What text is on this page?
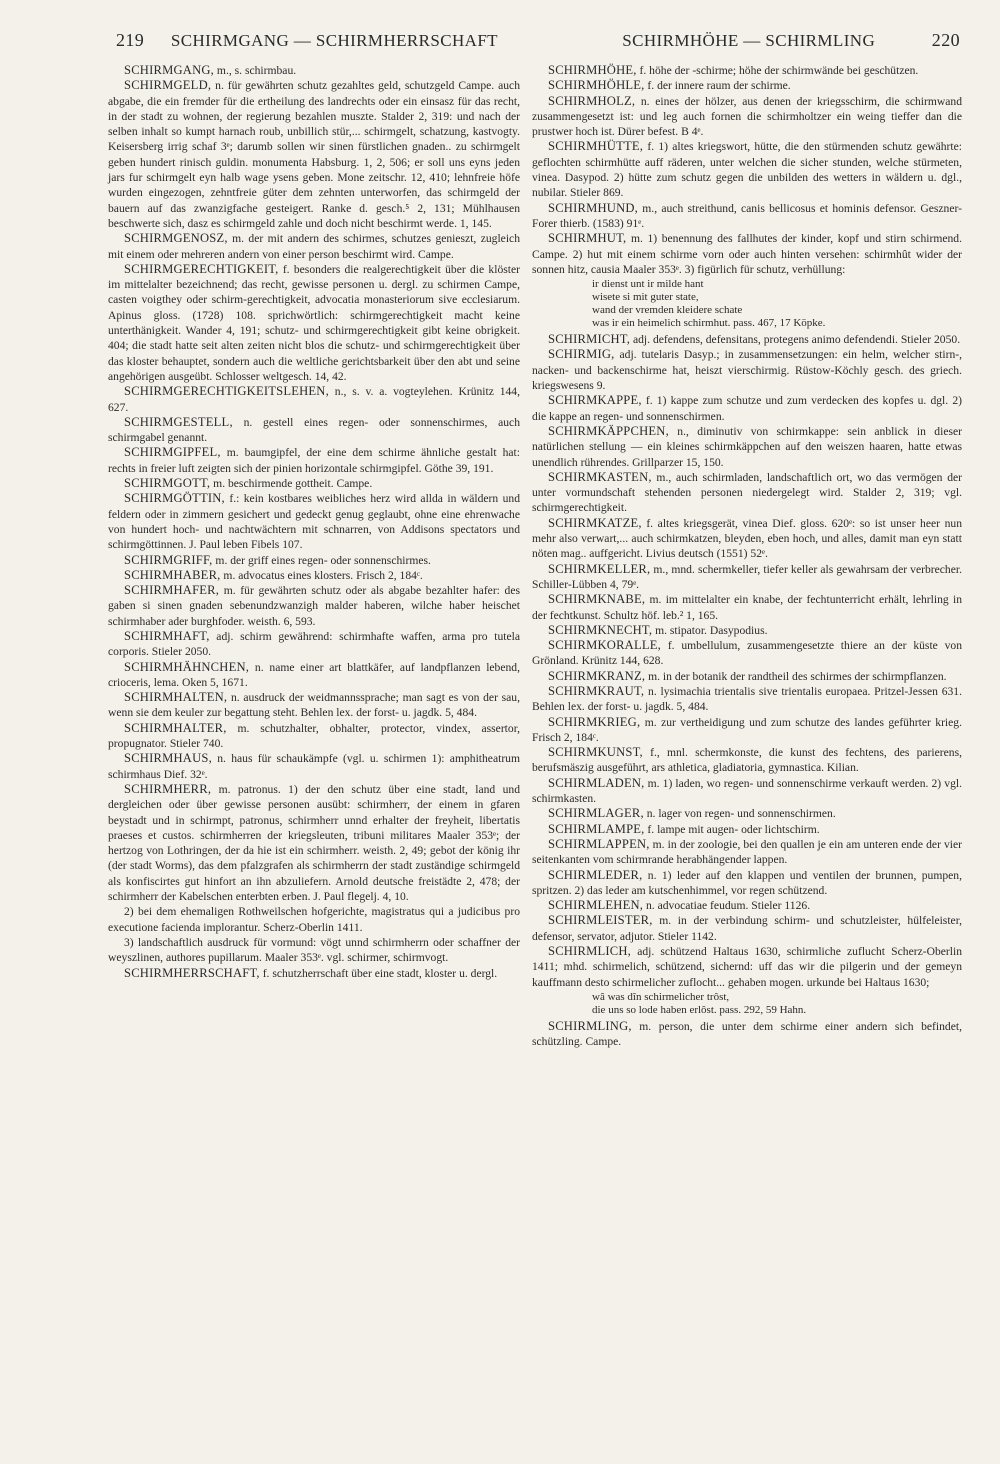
219 SCHIRMGANG — SCHIRMHERRSCHAFT	SCHIRMHÖHE — SCHIRMLING	220

SCHIRMGANG, m., s. schirmbau.

SCHIRMGELD, n. für gewährten schutz gezahltes geld, schutzgeld Campe. auch abgabe, die ein fremder für die ertheilung des landrechts oder ein einsasz für das recht, in der stadt zu wohnen, der regierung bezahlen muszte. Stalder 2, 319: und nach der selben inhalt so kumpt harnach roub, unbillich stür,... schirmgelt, schatzung, kastvogty. Keisersberg irrig schaf 3ᵉ; darumb sollen wir sinen fürstlichen gnaden.. zu schirmgelt geben hundert rinisch guldin. monumenta Habsburg. 1, 2, 506; er soll uns eyns jeden jars fur schirmgelt eyn halb wage ysens geben. Mone zeitschr. 12, 410; lehnfreie höfe wurden eingezogen, zehntfreie güter dem zehnten unterworfen, das schirmgeld der bauern auf das zwanzigfache gesteigert. Ranke d. gesch.⁵ 2, 131; Mühlhausen beschwerte sich, dasz es schirmgeld zahle und doch nicht beschirmt werde. 1, 145.

SCHIRMGENOSZ, m. der mit andern des schirmes, schutzes genieszt, zugleich mit einem oder mehreren andern von einer person beschirmt wird. Campe.

SCHIRMGERECHTIGKEIT, f. besonders die realgerechtigkeit über die klöster im mittelalter bezeichnend; das recht, gewisse personen u. dergl. zu schirmen Campe, casten voigthey oder schirm-gerechtigkeit, advocatia monasteriorum sive ecclesiarum. Apinus gloss. (1728) 108. sprichwörtlich: schirmgerechtigkeit macht keine unterthänigkeit. Wander 4, 191; schutz- und schirmgerechtigkeit gibt keine obrigkeit. 404; die stadt hatte seit alten zeiten nicht blos die schutz- und schirmgerechtigkeit über das kloster behauptet, sondern auch die weltliche gerichtsbarkeit über den abt und seine angehörigen ausgeübt. Schlosser weltgesch. 14, 42.

SCHIRMGERECHTIGKEITSLEHEN, n., s. v. a. vogteylehen. Krünitz 144, 627.

SCHIRMGESTELL, n. gestell eines regen- oder sonnenschirmes, auch schirmgabel genannt.

SCHIRMGIPFEL, m. baumgipfel, der eine dem schirme ähnliche gestalt hat: rechts in freier luft zeigten sich der pinien horizontale schirmgipfel. Göthe 39, 191.

SCHIRMGOTT, m. beschirmende gottheit. Campe.

SCHIRMGÖTTIN, f.: kein kostbares weibliches herz wird allda in wäldern und feldern oder in zimmern gesichert und gedeckt genug geglaubt, ohne eine ehrenwache von hundert hoch- und nachtwächtern mit schnarren, von Addisons spectators und schirmgöttinnen. J. Paul leben Fibels 107.

SCHIRMGRIFF, m. der griff eines regen- oder sonnenschirmes.

SCHIRMHABER, m. advocatus eines klosters. Frisch 2, 184ᶜ.

SCHIRMHAFER, m. für gewährten schutz oder als abgabe bezahlter hafer: des gaben si sinen gnaden sebenundzwanzigh malder haberen, wilche haber heischet schirmhaber ader burghfoder. weisth. 6, 593.

SCHIRMHAFT, adj. schirm gewährend: schirmhafte waffen, arma pro tutela corporis. Stieler 2050.

SCHIRMHÄHNCHEN, n. name einer art blattkäfer, auf landpflanzen lebend, crioceris, lema. Oken 5, 1671.

SCHIRMHALTEN, n. ausdruck der weidmannssprache; man sagt es von der sau, wenn sie dem keuler zur begattung steht. Behlen lex. der forst- u. jagdk. 5, 484.

SCHIRMHALTER, m. schutzhalter, obhalter, protector, vindex, assertor, propugnator. Stieler 740.

SCHIRMHAUS, n. haus für schaukämpfe (vgl. u. schirmen 1): amphitheatrum schirmhaus Dief. 32ᵉ.

SCHIRMHERR, m. patronus. 1) der den schutz über eine stadt, land und dergleichen oder über gewisse personen ausübt: schirmherr, der einem in gfaren beystadt und in schirmpt, patronus, schirmherr unnd erhalter der freyheit, libertatis praeses et custos. schirmherren der kriegsleuten, tribuni militares Maaler 353ᵉ; der hertzog von Lothringen, der da hie ist ein schirmherr. weisth. 2, 49; gebot der könig ihr (der stadt Worms), das dem pfalzgrafen als schirmherrn der stadt zuständige schirmgeld als konfiscirtes gut hinfort an ihn abzuliefern. Arnold deutsche freistädte 2, 478; der schirmherr der Kabelschen enterbten erben. J. Paul flegelj. 4, 10.

2) bei dem ehemaligen Rothweilschen hofgerichte, magistratus qui a judicibus pro executione facienda implorantur. Scherz-Oberlin 1411.

3) landschaftlich ausdruck für vormund: vögt unnd schirmherrn oder schaffner der weyszlinen, authores pupillarum. Maaler 353ᵉ. vgl. schirmer, schirmvogt.

SCHIRMHERRSCHAFT, f. schutzherrschaft über eine stadt, kloster u. dergl.

SCHIRMHÖHE, f. höhe der -schirme; höhe der schirmwände bei geschützen.

SCHIRMHÖHLE, f. der innere raum der schirme.

SCHIRMHOLZ, n. eines der hölzer, aus denen der kriegsschirm, die schirmwand zusammengesetzt ist: und leg auch fornen die schirmholtzer ein weing tieffer dan die prustwer hoch ist. Dürer befest. B 4ᵉ.

SCHIRMHÜTTE, f. 1) altes kriegswort, hütte, die den stürmenden schutz gewährte: geflochten schirmhütte auff räderen, unter welchen die sicher stunden, welche stürmeten, vinea. Dasypod. 2) hütte zum schutz gegen die unbilden des wetters in wäldern u. dgl., nubilar. Stieler 869.

SCHIRMHUND, m., auch streithund, canis bellicosus et hominis defensor. Geszner-Forer thierb. (1583) 91ᵉ.

SCHIRMHUT, m. 1) benennung des fallhutes der kinder, kopf und stirn schirmend. Campe. 2) hut mit einem schirme vorn oder auch hinten versehen: schirmhût wider der sonnen hitz, causia Maaler 353ᵉ. 3) figürlich für schutz, verhüllung:

ir dienst unt ir milde hant
wisete si mit guter state,
wand der vremden kleidere schate
was ir ein heimelich schirmhut. pass. 467, 17 Köpke.

SCHIRMICHT, adj. defendens, defensitans, protegens animo defendendi. Stieler 2050.

SCHIRMIG, adj. tutelaris Dasyp.; in zusammensetzungen: ein helm, welcher stirn-, nacken- und backenschirme hat, heiszt vierschirmig. Rüstow-Köchly gesch. des griech. kriegswesens 9.

SCHIRMKAPPE, f. 1) kappe zum schutze und zum verdecken des kopfes u. dgl. 2) die kappe an regen- und sonnenschirmen.

SCHIRMKÄPPCHEN, n., diminutiv von schirmkappe: sein anblick in dieser natürlichen stellung — ein kleines schirmkäppchen auf den weiszen haaren, hatte etwas unendlich rührendes. Grillparzer 15, 150.

SCHIRMKASTEN, m., auch schirmladen, landschaftlich ort, wo das vermögen der unter vormundschaft stehenden personen niedergelegt wird. Stalder 2, 319; vgl. schirmgerechtigkeit.

SCHIRMKATZE, f. altes kriegsgerät, vinea Dief. gloss. 620ᵉ: so ist unser heer nun mehr also verwart,... auch schirmkatzen, bleyden, eben hoch, und alles, damit man eyn statt nöten mag.. auffgericht. Livius deutsch (1551) 52ᵉ.

SCHIRMKELLER, m., mnd. schermkeller, tiefer keller als gewahrsam der verbrecher. Schiller-Lübben 4, 79ᵉ.

SCHIRMKNABE, m. im mittelalter ein knabe, der fechtunterricht erhält, lehrling in der fechtkunst. Schultz höf. leb.² 1, 165.

SCHIRMKNECHT, m. stipator. Dasypodius.

SCHIRMKORALLE, f. umbellulum, zusammengesetzte thiere an der küste von Grönland. Krünitz 144, 628.

SCHIRMKRANZ, m. in der botanik der randtheil des schirmes der schirmpflanzen.

SCHIRMKRAUT, n. lysimachia trientalis sive trientalis europaea. Pritzel-Jessen 631. Behlen lex. der forst- u. jagdk. 5, 484.

SCHIRMKRIEG, m. zur vertheidigung und zum schutze des landes geführter krieg. Frisch 2, 184ᶜ.

SCHIRMKUNST, f., mnl. schermkonste, die kunst des fechtens, des parierens, berufsmäszig ausgeführt, ars athletica, gladiatoria, gymnastica. Kilian.

SCHIRMLADEN, m. 1) laden, wo regen- und sonnenschirme verkauft werden. 2) vgl. schirmkasten.

SCHIRMLAGER, n. lager von regen- und sonnenschirmen.

SCHIRMLAMPE, f. lampe mit augen- oder lichtschirm.

SCHIRMLAPPEN, m. in der zoologie, bei den quallen je ein am unteren ende der vier seitenkanten vom schirmrande herabhängender lappen.

SCHIRMLEDER, n. 1) leder auf den klappen und ventilen der brunnen, pumpen, spritzen. 2) das leder am kutschenhimmel, vor regen schützend.

SCHIRMLEHEN, n. advocatiae feudum. Stieler 1126.

SCHIRMLEISTER, m. in der verbindung schirm- und schutzleister, hülfeleister, defensor, servator, adjutor. Stieler 1142.

SCHIRMLICH, adj. schützend Haltaus 1630, schirmliche zuflucht Scherz-Oberlin 1411; mhd. schirmelich, schützend, sichernd: uff das wir die pilgerin und der gemeyn kauffmann desto schirmelicher zuflocht... gehaben mogen. urkunde bei Haltaus 1630;

wâ was dîn schirmelicher trôst,
die uns so lode haben erlôst. pass. 292, 59 Hahn.

SCHIRMLING, m. person, die unter dem schirme einer andern sich befindet, schützling. Campe.
